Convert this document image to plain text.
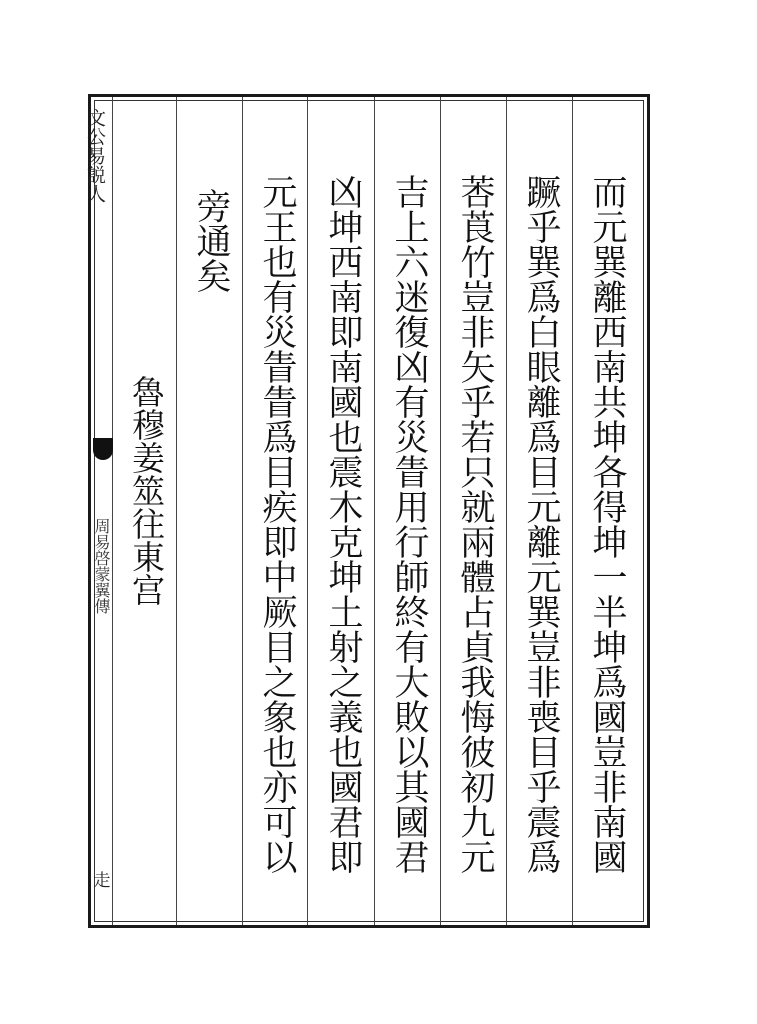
文公易説人
周易啓蒙翼傳
走
魯穆姜筮往東宫	而元巽離西南共坤各得坤一半坤爲國豈非南國
蹶乎巽爲白眼離爲目元離元巽豈非喪目乎震爲
莕莨竹豈非矢乎若只就兩體占貞我悔彼初九元
吉上六迷復凶有災眚用行師終有大敗以其國君
凶坤西南即南國也震木克坤土射之義也國君即
元王也有災眚眚爲目疾即中厥目之象也亦可以
旁通矣
